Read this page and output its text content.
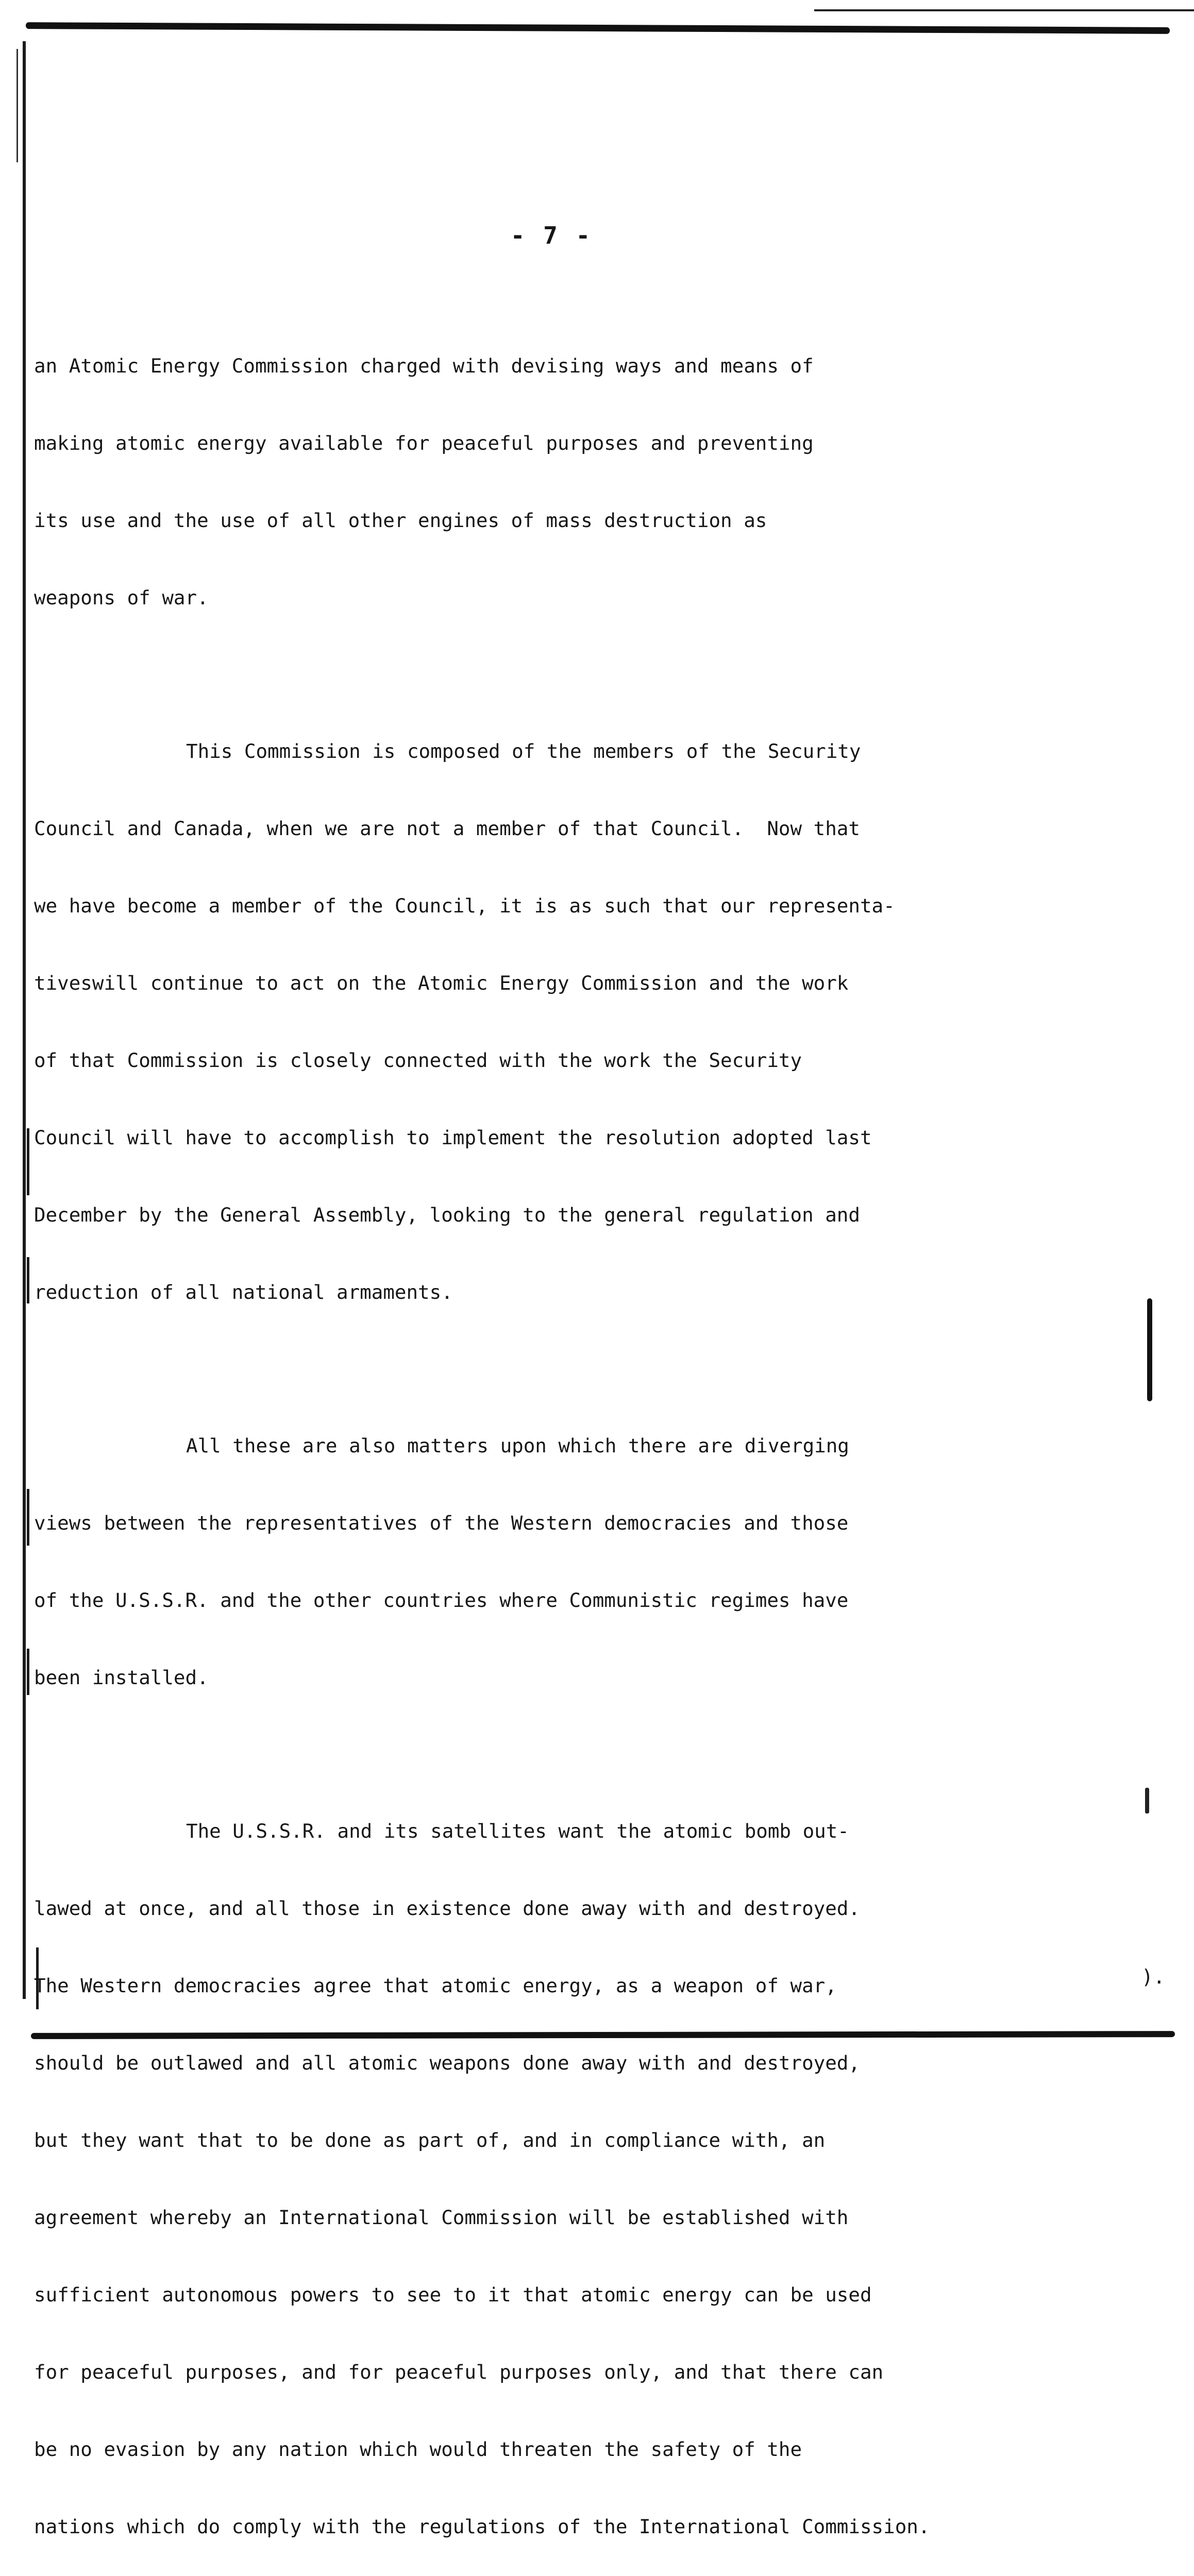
- 7 -

an Atomic Energy Commission charged with devising ways and means of

making atomic energy available for peaceful purposes and preventing

its use and the use of all other engines of mass destruction as

weapons of war.

This Commission is composed of the members of the Security

Council and Canada, when we are not a member of that Council.  Now that

we have become a member of the Council, it is as such that our representa-

tiveswill continue to act on the Atomic Energy Commission and the work

of that Commission is closely connected with the work the Security

Council will have to accomplish to implement the resolution adopted last

December by the General Assembly, looking to the general regulation and

reduction of all national armaments.

All these are also matters upon which there are diverging

views between the representatives of the Western democracies and those

of the U.S.S.R. and the other countries where Communistic regimes have

been installed.

The U.S.S.R. and its satellites want the atomic bomb out-

lawed at once, and all those in existence done away with and destroyed.

The Western democracies agree that atomic energy, as a weapon of war,

should be outlawed and all atomic weapons done away with and destroyed,

but they want that to be done as part of, and in compliance with, an

agreement whereby an International Commission will be established with

sufficient autonomous powers to see to it that atomic energy can be used

for peaceful purposes, and for peaceful purposes only, and that there can

be no evasion by any nation which would threaten the safety of the

nations which do comply with the regulations of the International Commission.

).
